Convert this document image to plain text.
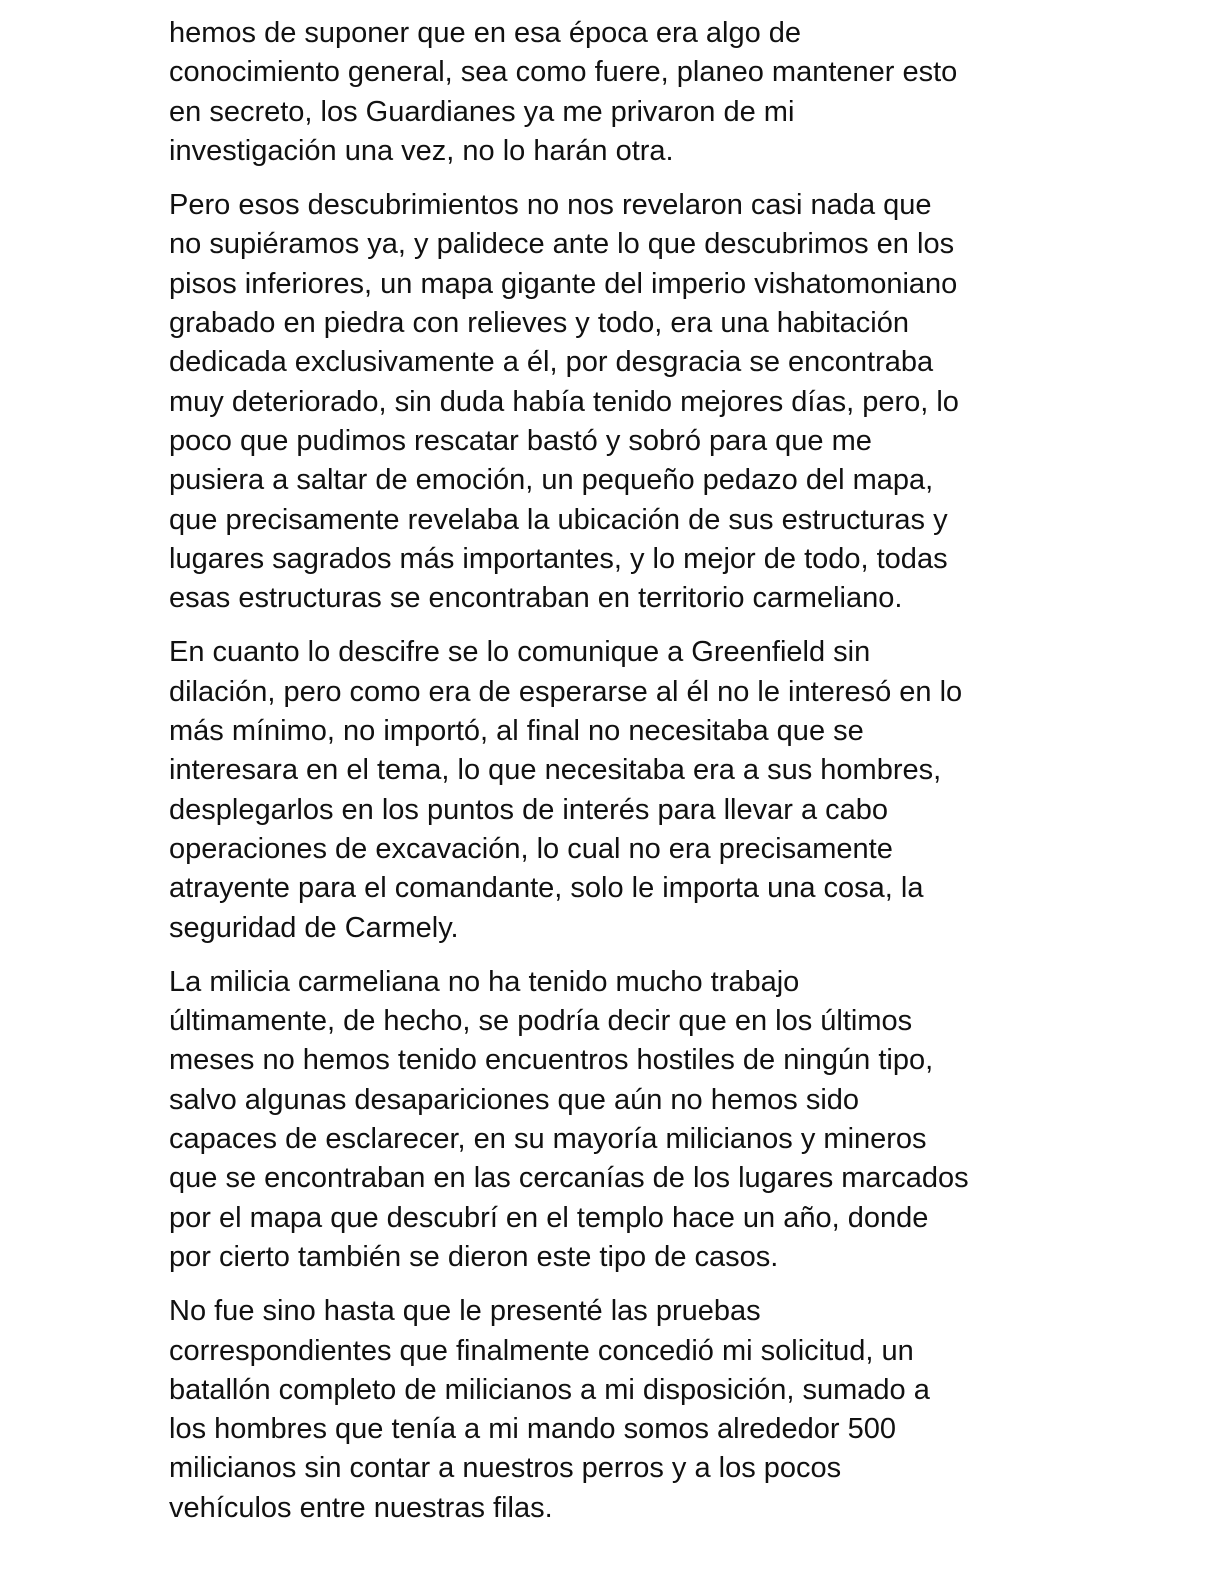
hemos de suponer que en esa época era algo de
conocimiento general, sea como fuere, planeo mantener esto
en secreto, los Guardianes ya me privaron de mi
investigación una vez, no lo harán otra.

Pero esos descubrimientos no nos revelaron casi nada que
no supiéramos ya, y palidece ante lo que descubrimos en los
pisos inferiores, un mapa gigante del imperio vishatomoniano
grabado en piedra con relieves y todo, era una habitación
dedicada exclusivamente a él, por desgracia se encontraba
muy deteriorado, sin duda había tenido mejores días, pero, lo
poco que pudimos rescatar bastó y sobró para que me
pusiera a saltar de emoción, un pequeño pedazo del mapa,
que precisamente revelaba la ubicación de sus estructuras y
lugares sagrados más importantes, y lo mejor de todo, todas
esas estructuras se encontraban en territorio carmeliano.

En cuanto lo descifre se lo comunique a Greenfield sin
dilación, pero como era de esperarse al él no le interesó en lo
más mínimo, no importó, al final no necesitaba que se
interesara en el tema, lo que necesitaba era a sus hombres,
desplegarlos en los puntos de interés para llevar a cabo
operaciones de excavación, lo cual no era precisamente
atrayente para el comandante, solo le importa una cosa, la
seguridad de Carmely.

La milicia carmeliana no ha tenido mucho trabajo
últimamente, de hecho, se podría decir que en los últimos
meses no hemos tenido encuentros hostiles de ningún tipo,
salvo algunas desapariciones que aún no hemos sido
capaces de esclarecer, en su mayoría milicianos y mineros
que se encontraban en las cercanías de los lugares marcados
por el mapa que descubrí en el templo hace un año, donde
por cierto también se dieron este tipo de casos.

No fue sino hasta que le presenté las pruebas
correspondientes que finalmente concedió mi solicitud, un
batallón completo de milicianos a mi disposición, sumado a
los hombres que tenía a mi mando somos alrededor 500
milicianos sin contar a nuestros perros y a los pocos
vehículos entre nuestras filas.
